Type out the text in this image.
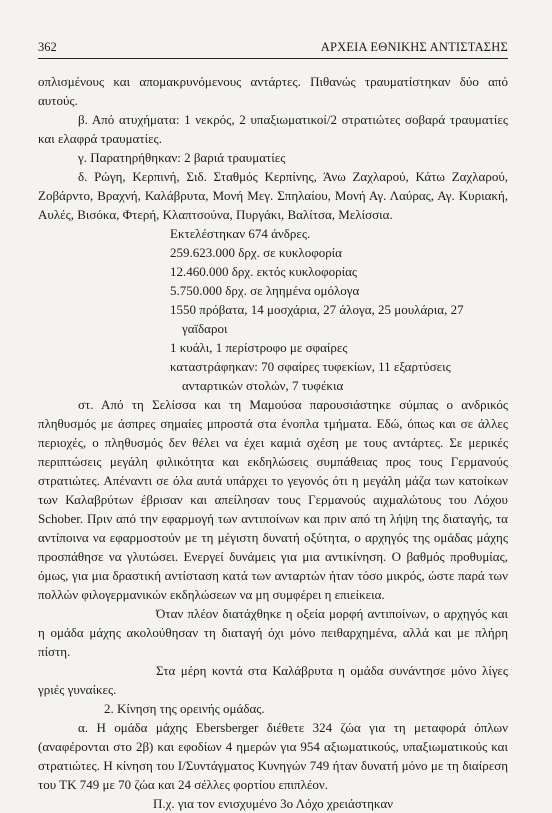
362	ΑΡΧΕΙΑ ΕΘΝΙΚΗΣ ΑΝΤΙΣΤΑΣΗΣ

οπλισμένους και απομακρυνόμενους αντάρτες. Πιθανώς τραυματίστηκαν δύο από αυτούς.

β. Από ατυχήματα: 1 νεκρός, 2 υπαξιωματικοί/2 στρατιώτες σοβαρά τραυματίες και ελαφρά τραυματίες.

γ. Παρατηρήθηκαν: 2 βαριά τραυματίες

δ. Ρώγη, Κερπινή, Σιδ. Σταθμός Κερπίνης, Άνω Ζαχλαρού, Κάτω Ζαχλαρού, Ζοβάρντο, Βραχνή, Καλάβρυτα, Μονή Μεγ. Σπηλαίου, Μονή Αγ. Λαύρας, Αγ. Κυριακή, Αυλές, Βισόκα, Φτερή, Κλαπτσούνα, Πυργάκι, Βαλίτσα, Μελίσσια.

Εκτελέστηκαν 674 άνδρες.

259.623.000 δρχ. σε κυκλοφορία

12.460.000 δρχ. εκτός κυκλοφορίας

5.750.000 δρχ. σε ληημένα ομόλογα

1550 πρόβατα, 14 μοσχάρια, 27 άλογα, 25 μουλάρια, 27 γαϊδαροι

1 κυάλι, 1 περίστροφο με σφαίρες

καταστράφηκαν: 70 σφαίρες τυφεκίων, 11 εξαρτύσεις ανταρτικών στολών, 7 τυφέκια

στ. Από τη Σελίσσα και τη Μαμούσα παρουσιάστηκε σύμπας ο ανδρικός πληθυσμός με άσπρες σημαίες μπροστά στα ένοπλα τμήματα. Εδώ, όπως και σε άλλες περιοχές, ο πληθυσμός δεν θέλει να έχει καμιά σχέση με τους αντάρτες. Σε μερικές περιπτώσεις μεγάλη φιλικότητα και εκδηλώσεις συμπάθειας προς τους Γερμανούς στρατιώτες. Απέναντι σε όλα αυτά υπάρχει το γεγονός ότι η μεγάλη μάζα των κατοίκων των Καλαβρύτων έβρισαν και απείλησαν τους Γερμανούς αιχμαλώτους του Λόχου Schober. Πριν από την εφαρμογή των αντιποίνων και πριν από τη λήψη της διαταγής, τα αντίποινα να εφαρμοστούν με τη μέγιστη δυνατή οξύτητα, ο αρχηγός της ομάδας μάχης προσπάθησε να γλυτώσει. Ενεργεί δυνάμεις για μια αντικίνηση. Ο βαθμός προθυμίας, όμως, για μια δραστική αντίσταση κατά των ανταρτών ήταν τόσο μικρός, ώστε παρά των πολλών φιλογερμανικών εκδηλώσεων να μη συμφέρει η επιείκεια.

Όταν πλέον διατάχθηκε η οξεία μορφή αντιποίνων, ο αρχηγός και η ομάδα μάχης ακολούθησαν τη διαταγή όχι μόνο πειθαρχημένα, αλλά και με πλήρη πίστη.

Στα μέρη κοντά στα Καλάβρυτα η ομάδα συνάντησε μόνο λίγες γριές γυναίκες.

2. Κίνηση της ορεινής ομάδας.

α. Η ομάδα μάχης Ebersberger διέθετε 324 ζώα για τη μεταφορά όπλων (αναφέρονται στο 2β) και εφοδίων 4 ημερών για 954 αξιωματικούς, υπαξιωματικούς και στρατιώτες. Η κίνηση του Ι/Συντάγματος Κυνηγών 749 ήταν δυνατή μόνο με τη διαίρεση του ΤΚ 749 με 70 ζώα και 24 σέλλες φορτίου επιπλέον.

Π.χ. για τον ενισχυμένο 3ο Λόχο χρειάστηκαν
